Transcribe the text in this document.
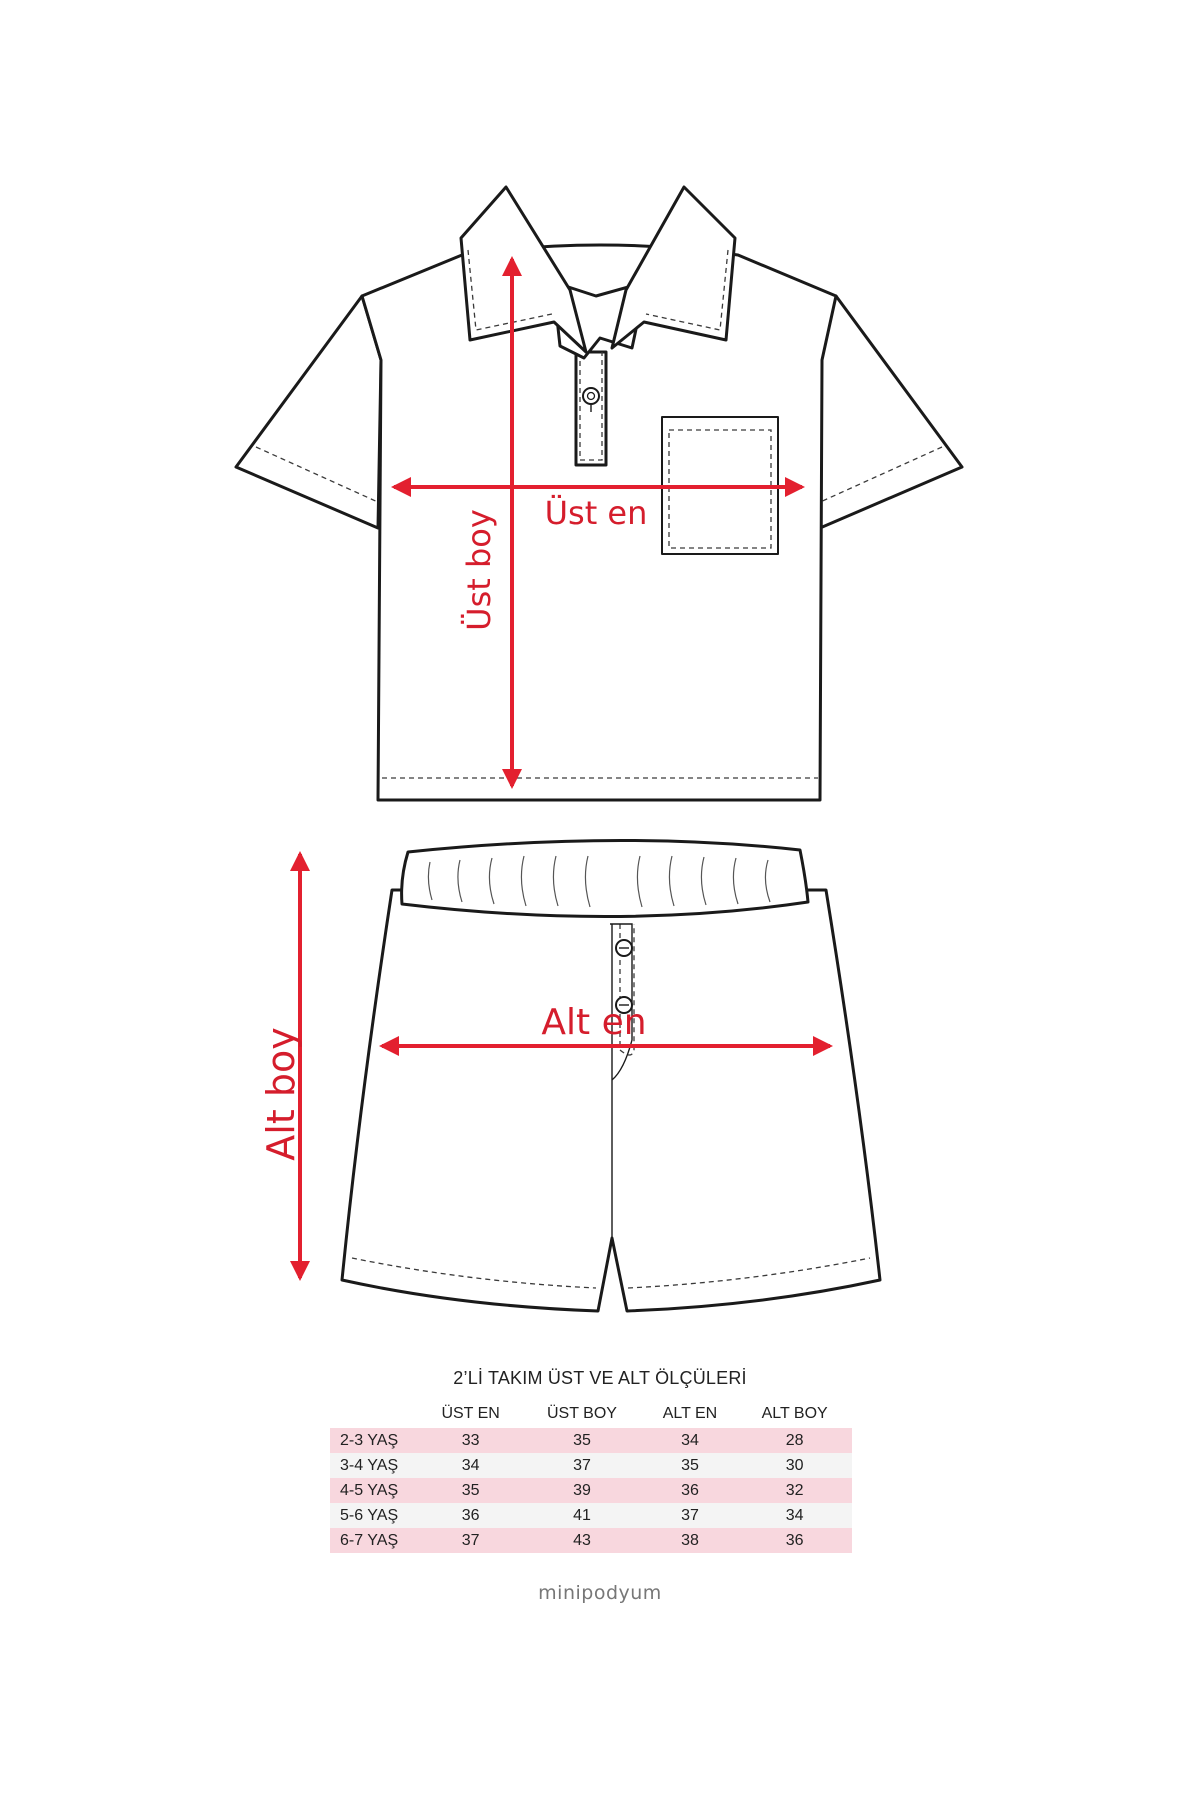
Üst en
Üst boy
Alt en
Alt boy
2’Lİ TAKIM ÜST VE ALT ÖLÇÜLERİ
	ÜST EN	ÜST BOY	ALT EN	ALT BOY
2-3 YAŞ	33	35	34	28
3-4 YAŞ	34	37	35	30
4-5 YAŞ	35	39	36	32
5-6 YAŞ	36	41	37	34
6-7 YAŞ	37	43	38	36
minipodyum
